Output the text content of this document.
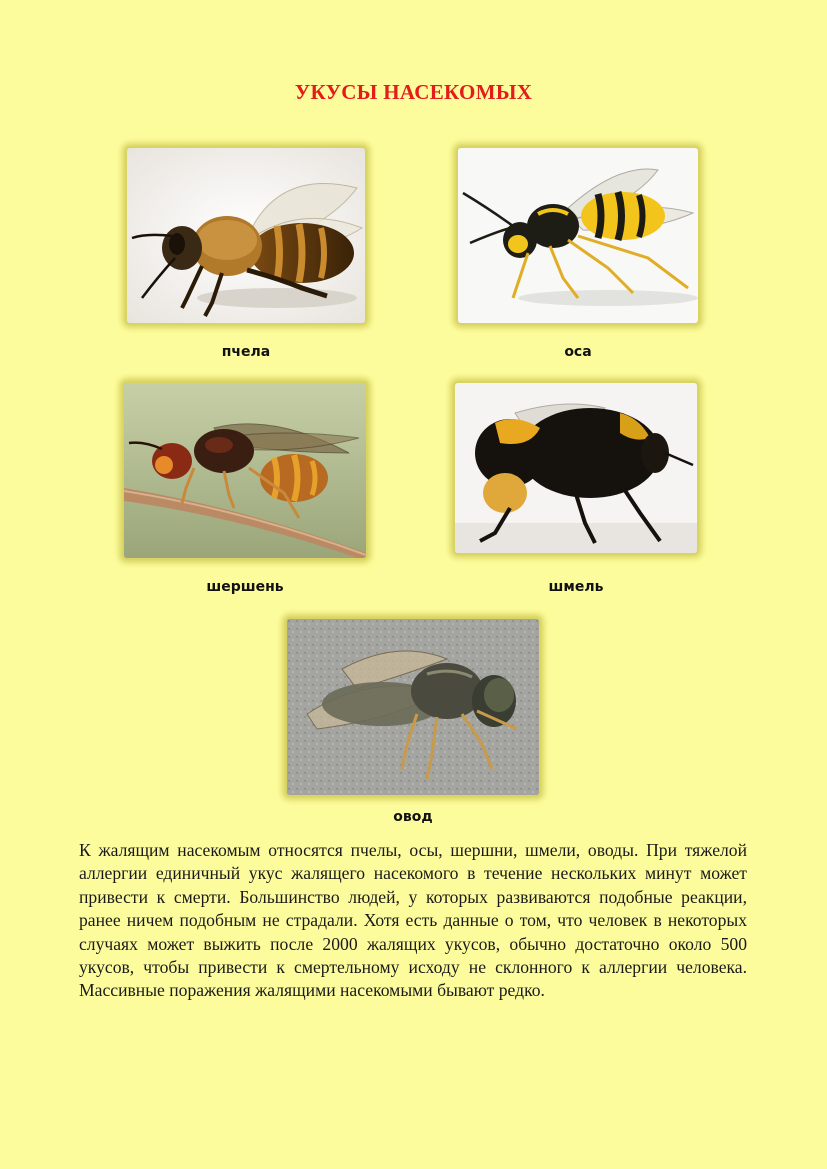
УКУСЫ НАСЕКОМЫХ
пчела	оса
шершень	шмель
овод

К жалящим насекомым относятся пчелы, осы, шершни, шмели, оводы. При тяжелой аллергии единичный укус жалящего насекомого в течение нескольких минут может привести к смерти. Большинство людей, у которых развиваются подобные реакции, ранее ничем подобным не страдали. Хотя есть данные о том, что человек в некоторых случаях может выжить после 2000 жалящих укусов, обычно достаточно около 500 укусов, чтобы привести к смертельному исходу не склонного к аллергии человека. Массивные поражения жалящими насекомыми бывают редко.
